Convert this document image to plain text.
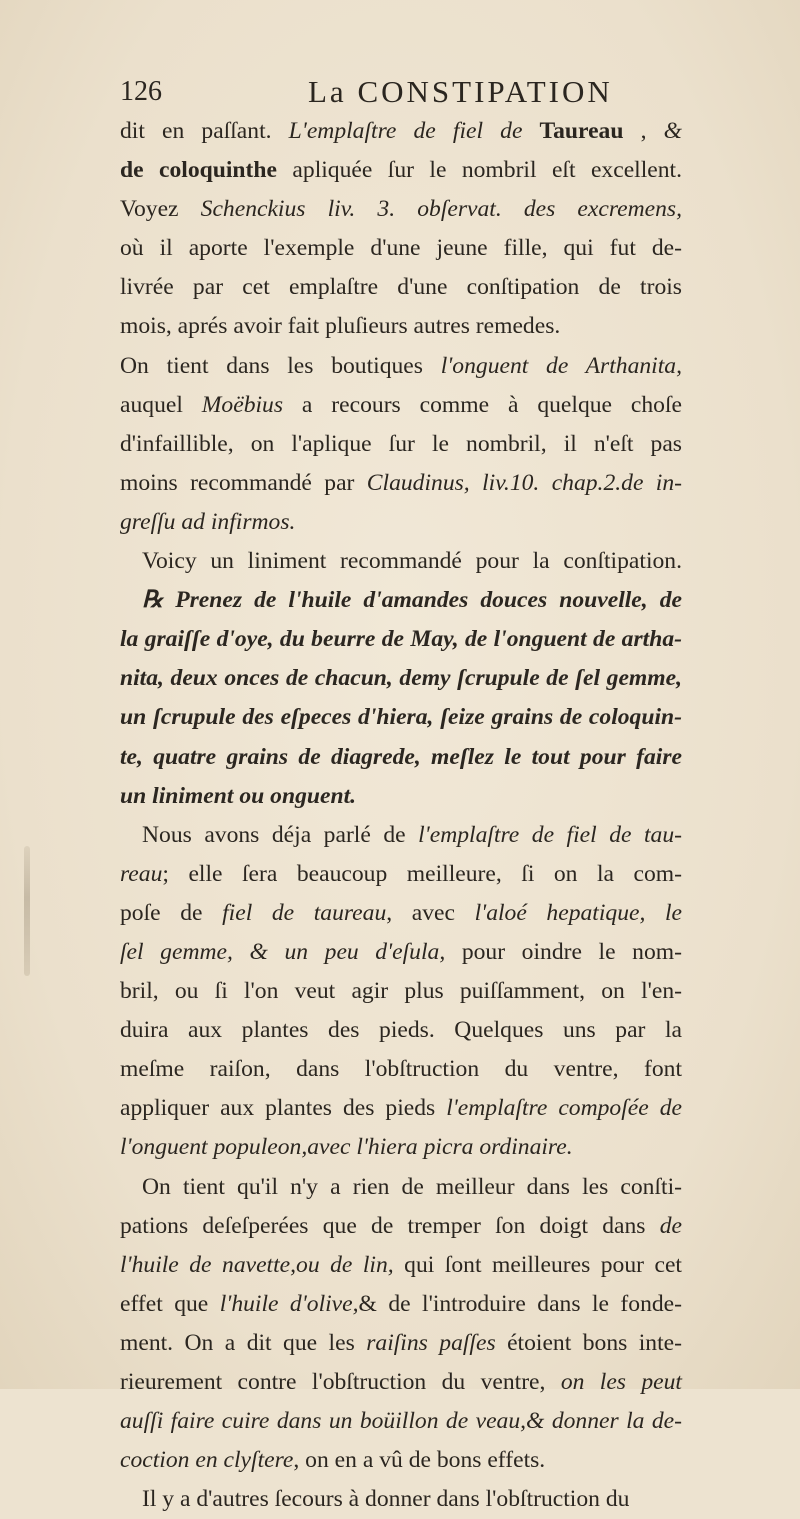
126	La CONSTIPATION
dit en paſſant. L'emplaſtre de fiel de Taureau , &
de coloquinthe apliquée ſur le nombril eſt excellent.
Voyez Schenckius liv. 3. obſervat. des excremens,
où il aporte l'exemple d'une jeune fille, qui fut de-
livrée par cet emplaſtre d'une conſtipation de trois
mois, aprés avoir fait pluſieurs autres remedes.
On tient dans les boutiques l'onguent de Arthanita,
auquel Moëbius a recours comme à quelque choſe
d'infaillible, on l'aplique ſur le nombril, il n'eſt pas
moins recommandé par Claudinus, liv.10. chap.2.de in-
greſſu ad infirmos.
Voicy un liniment recommandé pour la conſtipation.
℞ Prenez de l'huile d'amandes douces nouvelle, de
la graiſſe d'oye, du beurre de May, de l'onguent de artha-
nita, deux onces de chacun, demy ſcrupule de ſel gemme,
un ſcrupule des eſpeces d'hiera, ſeize grains de coloquin-
te, quatre grains de diagrede, meſlez le tout pour faire
un liniment ou onguent.
Nous avons déja parlé de l'emplaſtre de fiel de tau-
reau; elle ſera beaucoup meilleure, ſi on la com-
poſe de fiel de taureau, avec l'aloé hepatique, le
ſel gemme, & un peu d'eſula, pour oindre le nom-
bril, ou ſi l'on veut agir plus puiſſamment, on l'en-
duira aux plantes des pieds. Quelques uns par la
meſme raiſon, dans l'obſtruction du ventre, font
appliquer aux plantes des pieds l'emplaſtre compoſée de
l'onguent populeon,avec l'hiera picra ordinaire.
On tient qu'il n'y a rien de meilleur dans les conſti-
pations deſeſperées que de tremper ſon doigt dans de
l'huile de navette,ou de lin, qui ſont meilleures pour cet
effet que l'huile d'olive,& de l'introduire dans le fonde-
ment. On a dit que les raiſins paſſes étoient bons inte-
rieurement contre l'obſtruction du ventre, on les peut
auſſi faire cuire dans un boüillon de veau,& donner la de-
coction en clyſtere, on en a vû de bons effets.
Il y a d'autres ſecours à donner dans l'obſtruction du
